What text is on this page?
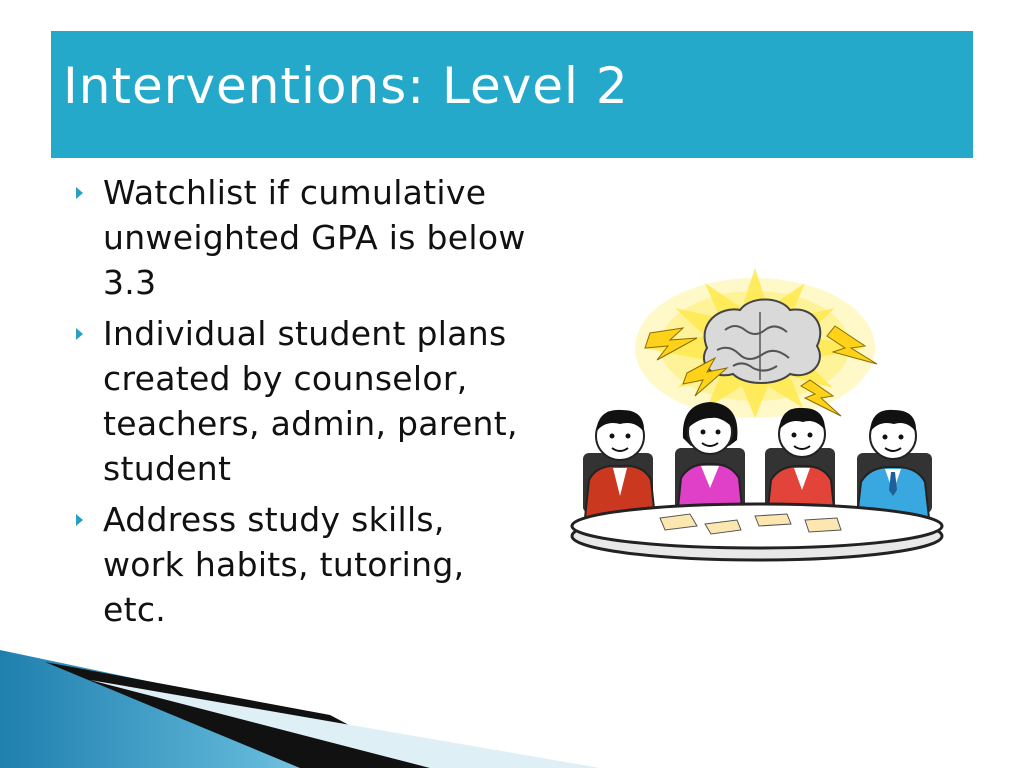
Interventions: Level 2
Watchlist if cumulative unweighted GPA is below 3.3
Individual student plans created by counselor, teachers, admin, parent, student
Address study skills, work habits, tutoring, etc.
